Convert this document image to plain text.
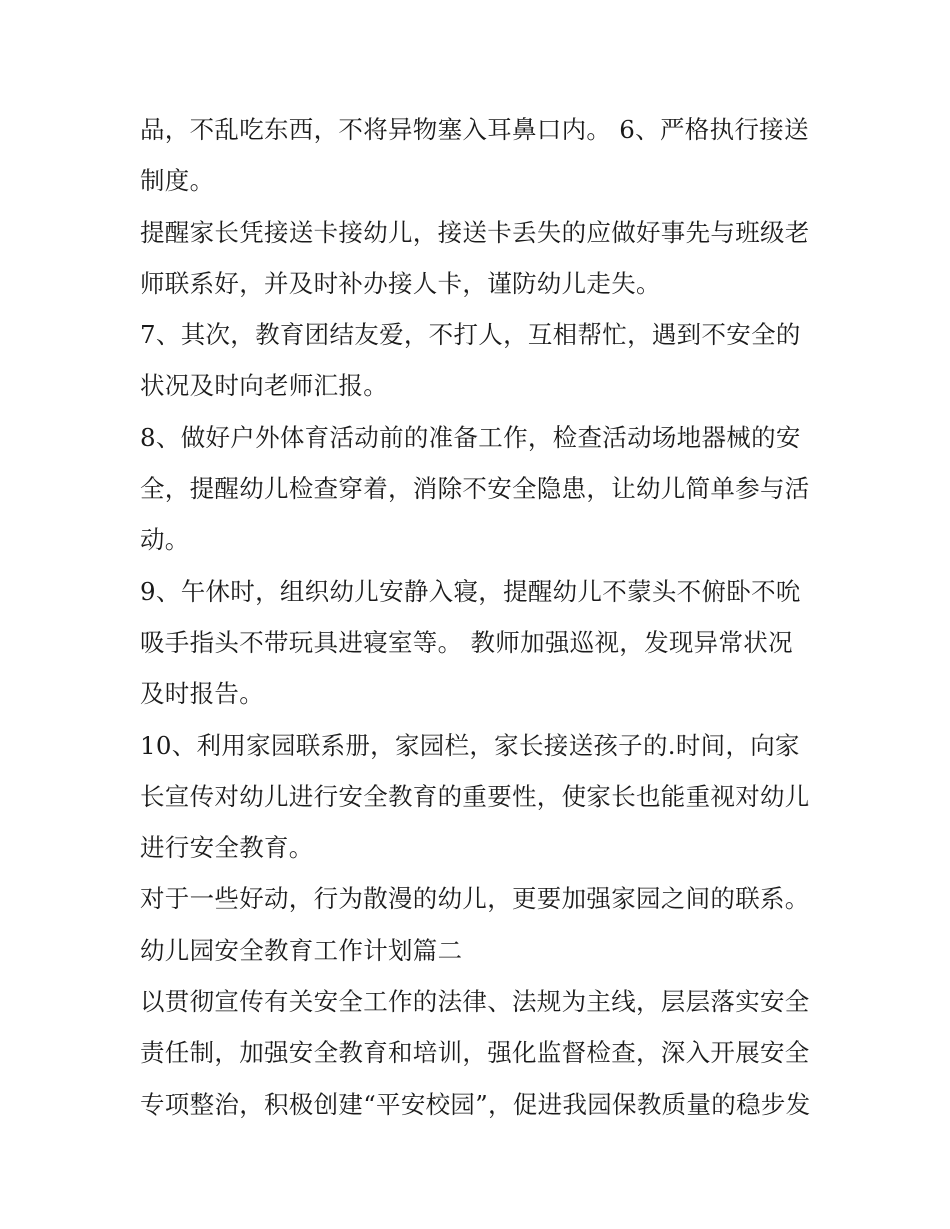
品，不乱吃东西，不将异物塞入耳鼻口内。 6、严格执行接送
制度。
提醒家长凭接送卡接幼儿，接送卡丢失的应做好事先与班级老
师联系好，并及时补办接人卡，谨防幼儿走失。
7、其次，教育团结友爱，不打人，互相帮忙，遇到不安全的
状况及时向老师汇报。
8、做好户外体育活动前的准备工作，检查活动场地器械的安
全，提醒幼儿检查穿着，消除不安全隐患，让幼儿简单参与活
动。
9、午休时，组织幼儿安静入寝，提醒幼儿不蒙头不俯卧不吮
吸手指头不带玩具进寝室等。 教师加强巡视，发现异常状况
及时报告。
10、利用家园联系册，家园栏，家长接送孩子的.时间，向家
长宣传对幼儿进行安全教育的重要性，使家长也能重视对幼儿
进行安全教育。
对于一些好动，行为散漫的幼儿，更要加强家园之间的联系。
幼儿园安全教育工作计划篇二
以贯彻宣传有关安全工作的法律、法规为主线，层层落实安全
责任制，加强安全教育和培训，强化监督检查，深入开展安全
专项整治，积极创建“平安校园”，促进我园保教质量的稳步发
